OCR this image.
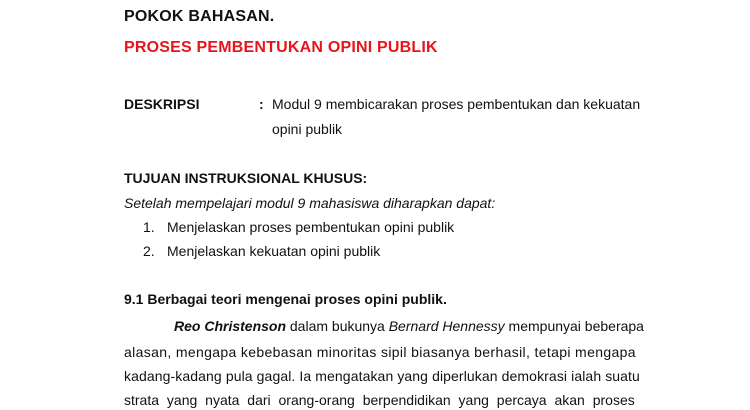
POKOK BAHASAN.
PROSES PEMBENTUKAN OPINI PUBLIK
DESKRIPSI	: Modul 9 membicarakan proses pembentukan dan kekuatan
opini publik
TUJUAN INSTRUKSIONAL KHUSUS:
Setelah mempelajari modul 9 mahasiswa diharapkan dapat:
1. Menjelaskan proses pembentukan opini publik
2. Menjelaskan kekuatan opini publik
9.1 Berbagai teori mengenai proses opini publik.
Reo Christenson dalam bukunya Bernard Hennessy mempunyai beberapa
alasan, mengapa kebebasan minoritas sipil biasanya berhasil, tetapi mengapa
kadang-kadang pula gagal. Ia mengatakan yang diperlukan demokrasi ialah suatu
strata yang nyata dari orang-orang berpendidikan yang percaya akan proses
